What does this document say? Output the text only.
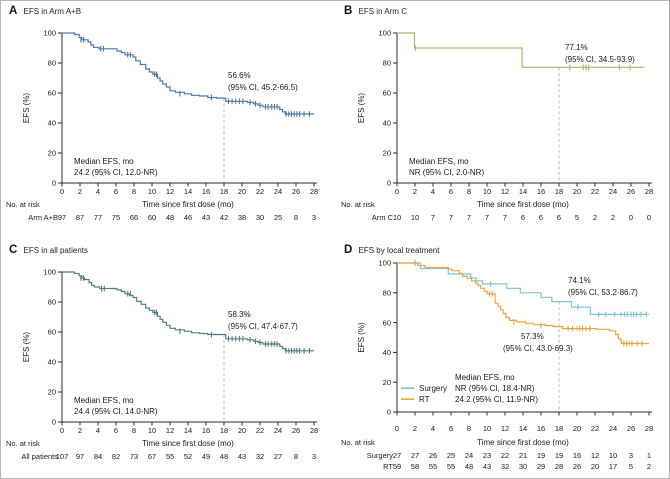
A EFS in Arm A+B
0
20
40
60
80
100
0 2 4 6 8 10 12 14 16 18 20 22 24 26 28
EFS (%)
56.6%
(95% CI, 45.2-66.5)
Median EFS, mo
24.2 (95% CI, 12.0-NR)
No. at risk	Time since first dose (mo)
Arm A+B 97 87 77 75 66 60 48 46 43 42 38 30 25 8 3
B EFS in Arm C
0
20
40
60
80
100
0 2 4 6 8 10 12 14 16 18 20 22 24 26 28
EFS (%)
77.1%
(95% CI, 34.5-93.9)
Median EFS, mo
NR (95% CI, 2.0-NR)
No. at risk	Time since first dose (mo)
Arm C 10 10 7 7 7 7 7 6 6 6 5 2 2 0 0
C EFS in all patients
0
20
40
60
80
100
0 2 4 6 8 10 12 14 16 18 20 22 24 26 28
EFS (%)
58.3%
(95% CI, 47.4-67.7)
Median EFS, mo
24.4 (95% CI, 14.0-NR)
No. at risk	Time since first dose (mo)
All patients
107 97 84 82 73 67 55 52 49 48 43 32 27 8 3
D EFS by local treatment
0
20
40
60
80
100
0 2 4 6 8 10 12 14 16 18 20 22 24 26 28
EFS (%)
74.1%
(95% CI, 53.2-86.7)
57.3%
(95% CI, 43.0-69.3)
Median EFS, mo
NR (95% CI, 18.4-NR)
24.2 (95% CI, 11.9-NR)
Surgery
RT
No. at risk	Time since first dose (mo)
Surgery 27 27 26 25 24 23 22 21 19 19 16 12 10 3 1
RT 59 58 55 55 48 43 32 30 29 28 26 20 17 5 2
